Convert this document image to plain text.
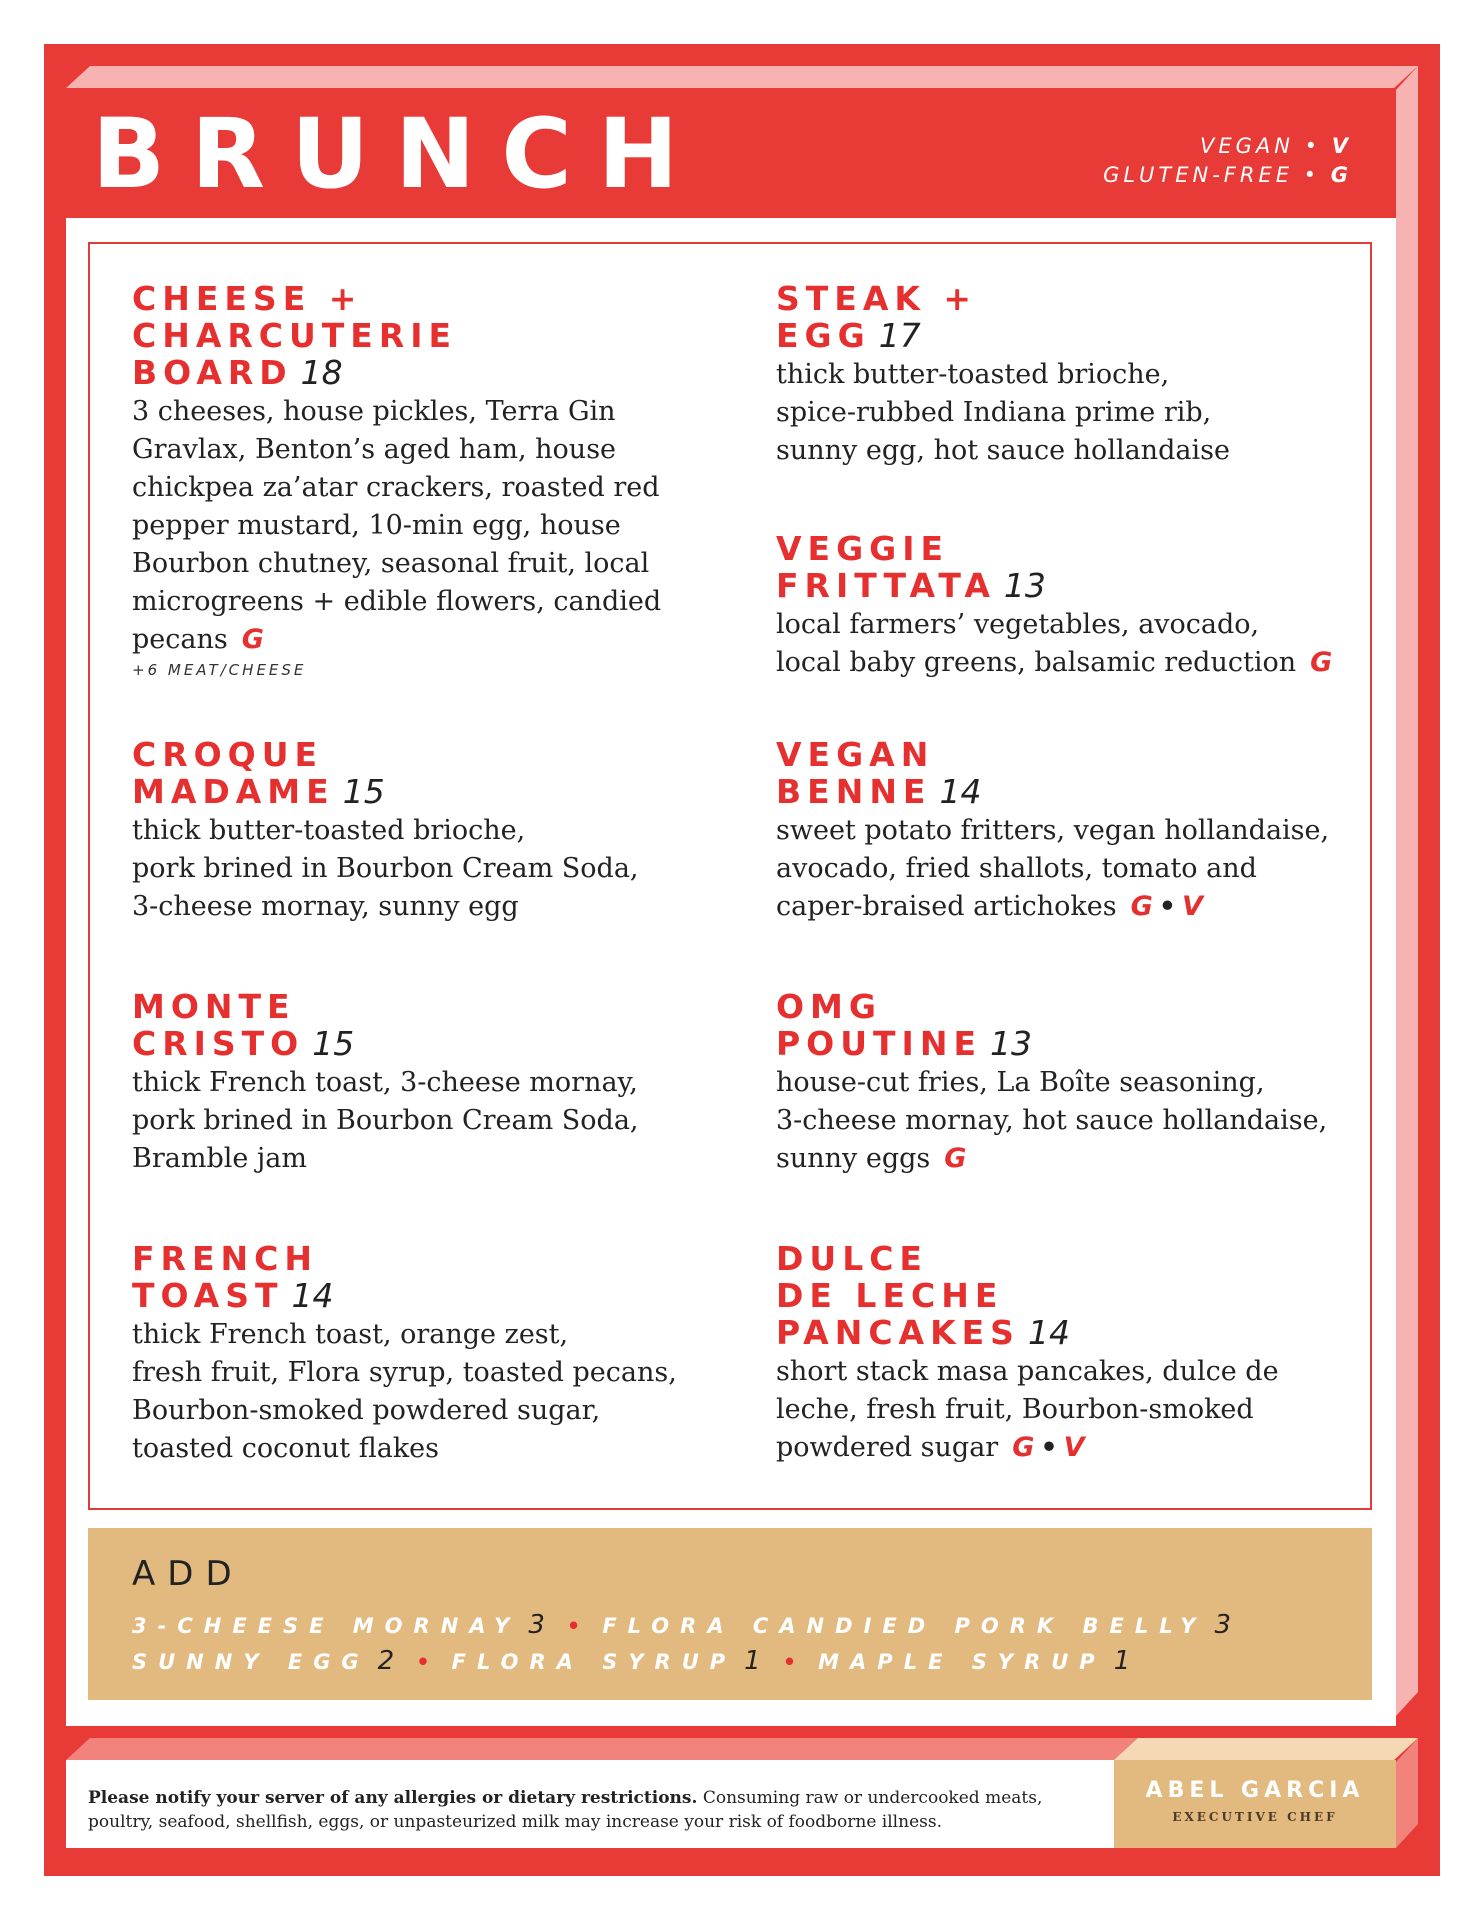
BRUNCH	VEGAN • V
GLUTEN-FREE • G
CHEESE +
CHARCUTERIE
BOARD 18
3 cheeses, house pickles, Terra Gin
Gravlax, Benton’s aged ham, house
chickpea za’atar crackers, roasted red
pepper mustard, 10-min egg, house
Bourbon chutney, seasonal fruit, local
microgreens + edible flowers, candied
pecans G
+6 MEAT/CHEESE
CROQUE
MADAME 15
thick butter-toasted brioche,
pork brined in Bourbon Cream Soda,
3-cheese mornay, sunny egg
MONTE
CRISTO 15
thick French toast, 3-cheese mornay,
pork brined in Bourbon Cream Soda,
Bramble jam
FRENCH
TOAST 14
thick French toast, orange zest,
fresh fruit, Flora syrup, toasted pecans,
Bourbon-smoked powdered sugar,
toasted coconut flakes
STEAK +
EGG 17
thick butter-toasted brioche,
spice-rubbed Indiana prime rib,
sunny egg, hot sauce hollandaise
VEGGIE
FRITTATA 13
local farmers’ vegetables, avocado,
local baby greens, balsamic reduction G
VEGAN
BENNE 14
sweet potato fritters, vegan hollandaise,
avocado, fried shallots, tomato and
caper-braised artichokes G • V
OMG
POUTINE 13
house-cut fries, La Boîte seasoning,
3-cheese mornay, hot sauce hollandaise,
sunny eggs G
DULCE
DE LECHE
PANCAKES 14
short stack masa pancakes, dulce de
leche, fresh fruit, Bourbon-smoked
powdered sugar G • V
ADD
3-CHEESE MORNAY 3 • FLORA CANDIED PORK BELLY 3
SUNNY EGG 2 • FLORA SYRUP 1 • MAPLE SYRUP 1
Please notify your server of any allergies or dietary restrictions. Consuming raw or undercooked meats, poultry, seafood, shellfish, eggs, or unpasteurized milk may increase your risk of foodborne illness.
ABEL GARCIA
EXECUTIVE CHEF
